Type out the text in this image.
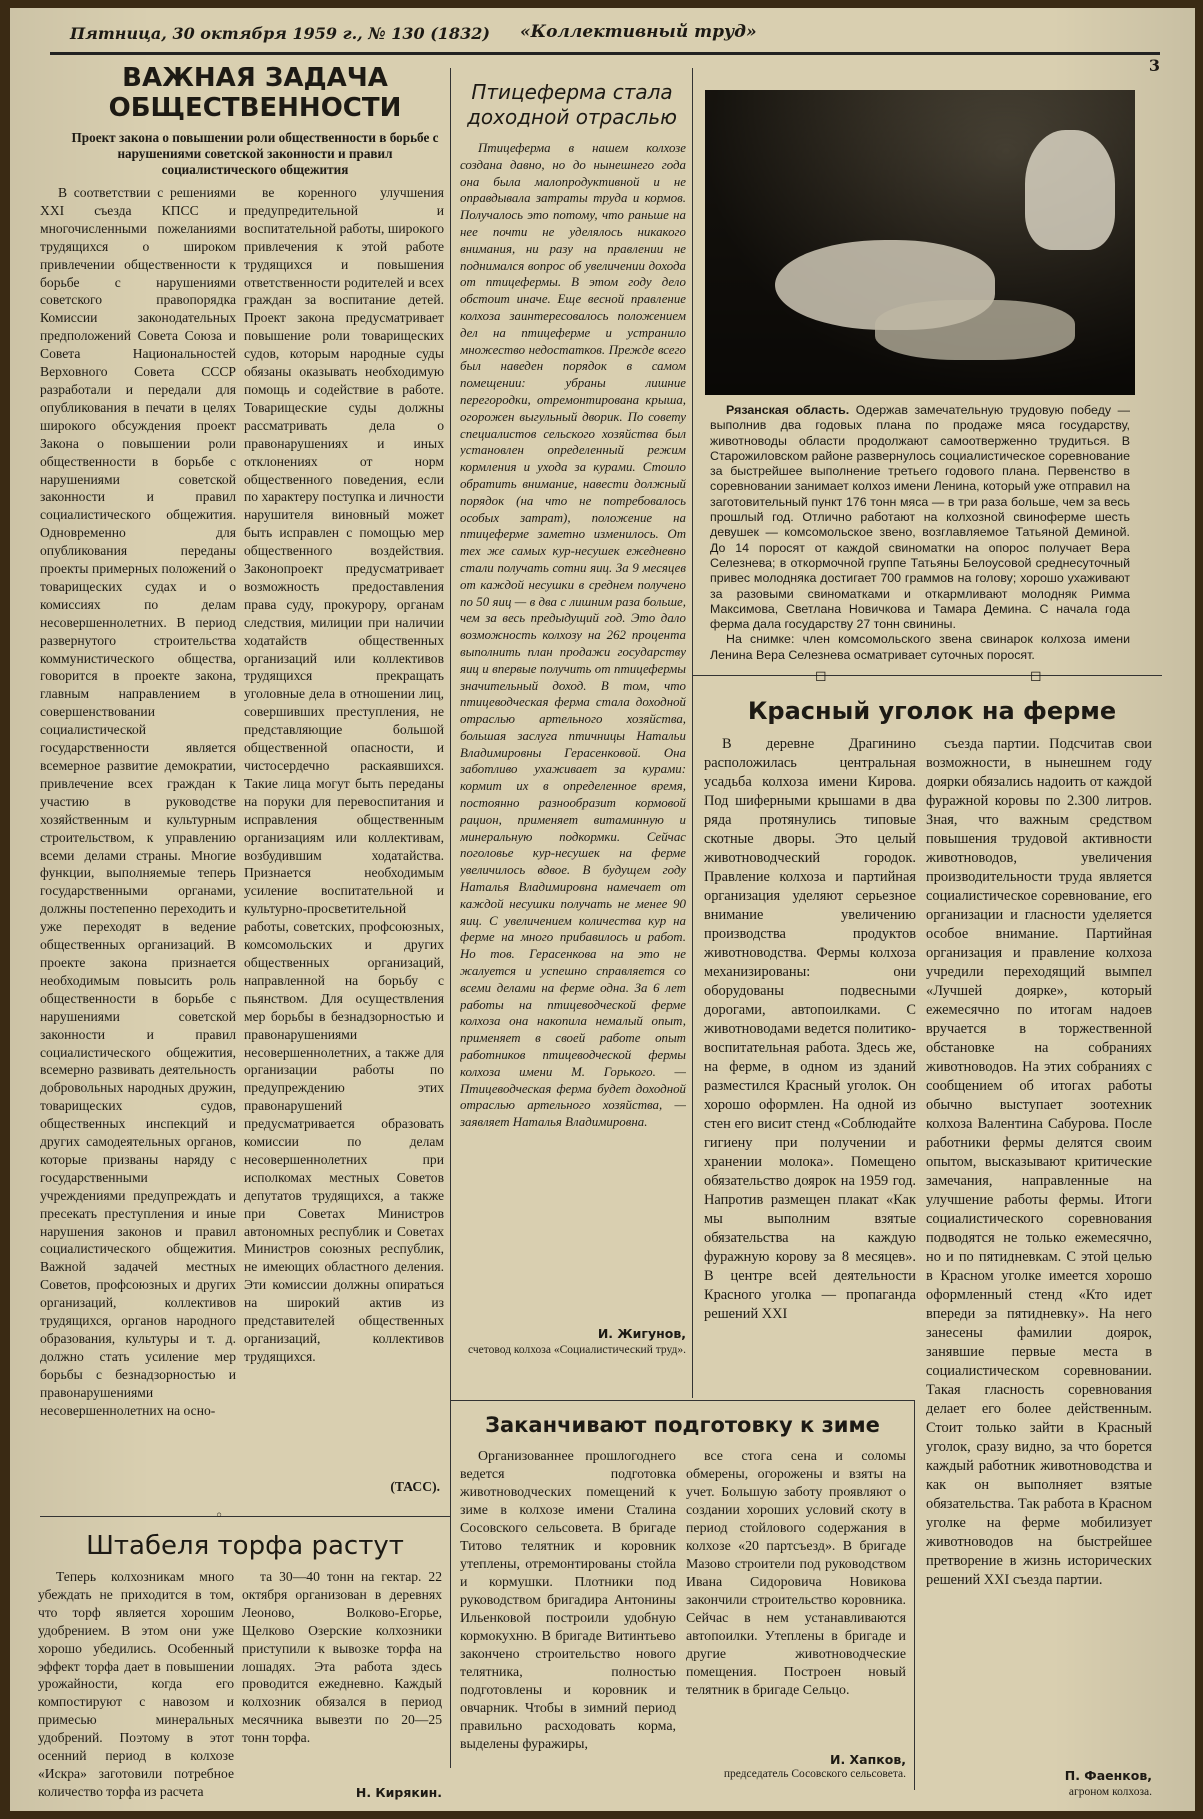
Пятница, 30 октября 1959 г., № 130 (1832) «Коллективный труд»
3
◦
◻	◻
ВАЖНАЯ ЗАДАЧА
ОБЩЕСТВЕННОСТИ
Проект закона о повышении роли общественности в борьбе с нарушениями советской законности и правил социалистического общежития

В соответствии с решениями XXI съезда КПСС и многочисленными пожеланиями трудящихся о широком привлечении общественности к борьбе с нарушениями советского правопорядка Комиссии законодательных предположений Совета Союза и Совета Национальностей Верховного Совета СССР разработали и передали для опубликования в печати в целях широкого обсуждения проект Закона о повышении роли общественности в борьбе с нарушениями советской законности и правил социалистического общежития. Одновременно для опубликования переданы проекты примерных положений о товарищеских судах и о комиссиях по делам несовершеннолетних. В период развернутого строительства коммунистического общества, говорится в проекте закона, главным направлением в совершенствовании социалистической государственности является всемерное развитие демократии, привлечение всех граждан к участию в руководстве хозяйственным и культурным строительством, к управлению всеми делами страны. Многие функции, выполняемые теперь государственными органами, должны постепенно переходить и уже переходят в ведение общественных организаций. В проекте закона признается необходимым повысить роль общественности в борьбе с нарушениями советской законности и правил социалистического общежития, всемерно развивать деятельность добровольных народных дружин, товарищеских судов, общественных инспекций и других самодеятельных органов, которые призваны наряду с государственными учреждениями предупреждать и пресекать преступления и иные нарушения законов и правил социалистического общежития. Важной задачей местных Советов, профсоюзных и других организаций, коллективов трудящихся, органов народного образования, культуры и т. д. должно стать усиление мер борьбы с безнадзорностью и правонарушениями несовершеннолетних на осно-

ве коренного улучшения предупредительной и воспитательной работы, широкого привлечения к этой работе трудящихся и повышения ответственности родителей и всех граждан за воспитание детей. Проект закона предусматривает повышение роли товарищеских судов, которым народные суды обязаны оказывать необходимую помощь и содействие в работе. Товарищеские суды должны рассматривать дела о правонарушениях и иных отклонениях от норм общественного поведения, если по характеру поступка и личности нарушителя виновный может быть исправлен с помощью мер общественного воздействия. Законопроект предусматривает возможность предоставления права суду, прокурору, органам следствия, милиции при наличии ходатайств общественных организаций или коллективов трудящихся прекращать уголовные дела в отношении лиц, совершивших преступления, не представляющие большой общественной опасности, и чистосердечно раскаявшихся. Такие лица могут быть переданы на поруки для перевоспитания и исправления общественным организациям или коллективам, возбудившим ходатайства. Признается необходимым усиление воспитательной и культурно-просветительной работы, советских, профсоюзных, комсомольских и других общественных организаций, направленной на борьбу с пьянством. Для осуществления мер борьбы в безнадзорностью и правонарушениями несовершеннолетних, а также для организации работы по предупреждению этих правонарушений предусматривается образовать комиссии по делам несовершеннолетних при исполкомах местных Советов депутатов трудящихся, а также при Советах Министров автономных республик и Советах Министров союзных республик, не имеющих областного деления. Эти комиссии должны опираться на широкий актив из представителей общественных организаций, коллективов трудящихся.

(ТАСС).
Птицеферма стала
доходной отраслью

Птицеферма в нашем колхозе создана давно, но до нынешнего года она была малопродуктивной и не оправдывала затраты труда и кормов. Получалось это потому, что раньше на нее почти не уделялось никакого внимания, ни разу на правлении не поднимался вопрос об увеличении дохода от птицефермы. В этом году дело обстоит иначе. Еще весной правление колхоза заинтересовалось положением дел на птицеферме и устранило множество недостатков. Прежде всего был наведен порядок в самом помещении: убраны лишние перегородки, отремонтирована крыша, огорожен выгульный дворик. По совету специалистов сельского хозяйства был установлен определенный режим кормления и ухода за курами. Стоило обратить внимание, навести должный порядок (на что не потребовалось особых затрат), положение на птицеферме заметно изменилось. От тех же самых кур-несушек ежедневно стали получать сотни яиц. За 9 месяцев от каждой несушки в среднем получено по 50 яиц — в два с лишним раза больше, чем за весь предыдущий год. Это дало возможность колхозу на 262 процента выполнить план продажи государству яиц и впервые получить от птицефермы значительный доход. В том, что птицеводческая ферма стала доходной отраслью артельного хозяйства, большая заслуга птичницы Натальи Владимировны Герасенковой. Она заботливо ухаживает за курами: кормит их в определенное время, постоянно разнообразит кормовой рацион, применяет витаминную и минеральную подкормки. Сейчас поголовье кур-несушек на ферме увеличилось вдвое. В будущем году Наталья Владимировна намечает от каждой несушки получать не менее 90 яиц. С увеличением количества кур на ферме на много прибавилось и работ. Но тов. Герасенкова на это не жалуется и успешно справляется со всеми делами на ферме одна. За 6 лет работы на птицеводческой ферме колхоза она накопила немалый опыт, применяет в своей работе опыт работников птицеводческой фермы колхоза имени М. Горького. — Птицеводческая ферма будет доходной отраслью артельного хозяйства, — заявляет Наталья Владимировна.

И. Жигунов,
счетовод колхоза «Социалистический труд».

Рязанская область. Одержав замечательную трудовую победу — выполнив два годовых плана по продаже мяса государству, животноводы области продолжают самоотверженно трудиться. В Старожиловском районе развернулось социалистическое соревнование за быстрейшее выполнение третьего годового плана. Первенство в соревновании занимает колхоз имени Ленина, который уже отправил на заготовительный пункт 176 тонн мяса — в три раза больше, чем за весь прошлый год. Отлично работают на колхозной свиноферме шесть девушек — комсомольское звено, возглавляемое Татьяной Деминой. До 14 поросят от каждой свиноматки на опорос получает Вера Селезнева; в откормочной группе Татьяны Белоусовой среднесуточный привес молодняка достигает 700 граммов на голову; хорошо ухаживают за разовыми свиноматками и откармливают молодняк Римма Максимова, Светлана Новичкова и Тамара Демина. С начала года ферма дала государству 27 тонн свинины.

На снимке: член комсомольского звена свинарок колхоза имени Ленина Вера Селезнева осматривает суточных поросят.

Красный уголок на ферме

В деревне Драгинино расположилась центральная усадьба колхоза имени Кирова. Под шиферными крышами в два ряда протянулись типовые скотные дворы. Это целый животноводческий городок. Правление колхоза и партийная организация уделяют серьезное внимание увеличению производства продуктов животноводства. Фермы колхоза механизированы: они оборудованы подвесными дорогами, автопоилками. С животноводами ведется политико-воспитательная работа. Здесь же, на ферме, в одном из зданий разместился Красный уголок. Он хорошо оформлен. На одной из стен его висит стенд «Соблюдайте гигиену при получении и хранении молока». Помещено обязательство доярок на 1959 год. Напротив размещен плакат «Как мы выполним взятые обязательства на каждую фуражную корову за 8 месяцев». В центре всей деятельности Красного уголка — пропаганда решений XXI

съезда партии. Подсчитав свои возможности, в нынешнем году доярки обязались надоить от каждой фуражной коровы по 2.300 литров. Зная, что важным средством повышения трудовой активности животноводов, увеличения производительности труда является социалистическое соревнование, его организации и гласности уделяется особое внимание. Партийная организация и правление колхоза учредили переходящий вымпел «Лучшей доярке», который ежемесячно по итогам надоев вручается в торжественной обстановке на собраниях животноводов. На этих собраниях с сообщением об итогах работы обычно выступает зоотехник колхоза Валентина Сабурова. После работники фермы делятся своим опытом, высказывают критические замечания, направленные на улучшение работы фермы. Итоги социалистического соревнования подводятся не только ежемесячно, но и по пятидневкам. С этой целью в Красном уголке имеется хорошо оформленный стенд «Кто идет впереди за пятидневку». На него занесены фамилии доярок, занявшие первые места в социалистическом соревновании. Такая гласность соревнования делает его более действенным. Стоит только зайти в Красный уголок, сразу видно, за что борется каждый работник животноводства и как он выполняет взятые обязательства. Так работа в Красном уголке на ферме мобилизует животноводов на быстрейшее претворение в жизнь исторических решений XXI съезда партии.

П. Фаенков,
агроном колхоза.
Штабеля торфа растут

Теперь колхозникам много убеждать не приходится в том, что торф является хорошим удобрением. В этом они уже хорошо убедились. Особенный эффект торфа дает в повышении урожайности, когда его компостируют с навозом и примесью минеральных удобрений. Поэтому в этот осенний период в колхозе «Искра» заготовили потребное количество торфа из расчета

та 30—40 тонн на гектар. 22 октября организован в деревнях Леоново, Волково-Егорье, Щелково Озерские колхозники приступили к вывозке торфа на лошадях. Эта работа здесь проводится ежедневно. Каждый колхозник обязался в период месячника вывезти по 20—25 тонн торфа.

Н. Кирякин.
Заканчивают подготовку к зиме

Организованнее прошлогоднего ведется подготовка животноводческих помещений к зиме в колхозе имени Сталина Сосовского сельсовета. В бригаде Титово телятник и коровник утеплены, отремонтированы стойла и кормушки. Плотники под руководством бригадира Антонины Ильенковой построили удобную кормокухню. В бригаде Витинтьево закончено строительство нового телятника, полностью подготовлены и коровник и овчарник. Чтобы в зимний период правильно расходовать корма, выделены фуражиры,

все стога сена и соломы обмерены, огорожены и взяты на учет. Большую заботу проявляют о создании хороших условий скоту в период стойлового содержания в колхозе «20 партсъезд». В бригаде Мазово строители под руководством Ивана Сидоровича Новикова закончили строительство коровника. Сейчас в нем устанавливаются автопоилки. Утеплены в бригаде и другие животноводческие помещения. Построен новый телятник в бригаде Сельцо.

И. Хапков,
председатель Сосовского сельсовета.
